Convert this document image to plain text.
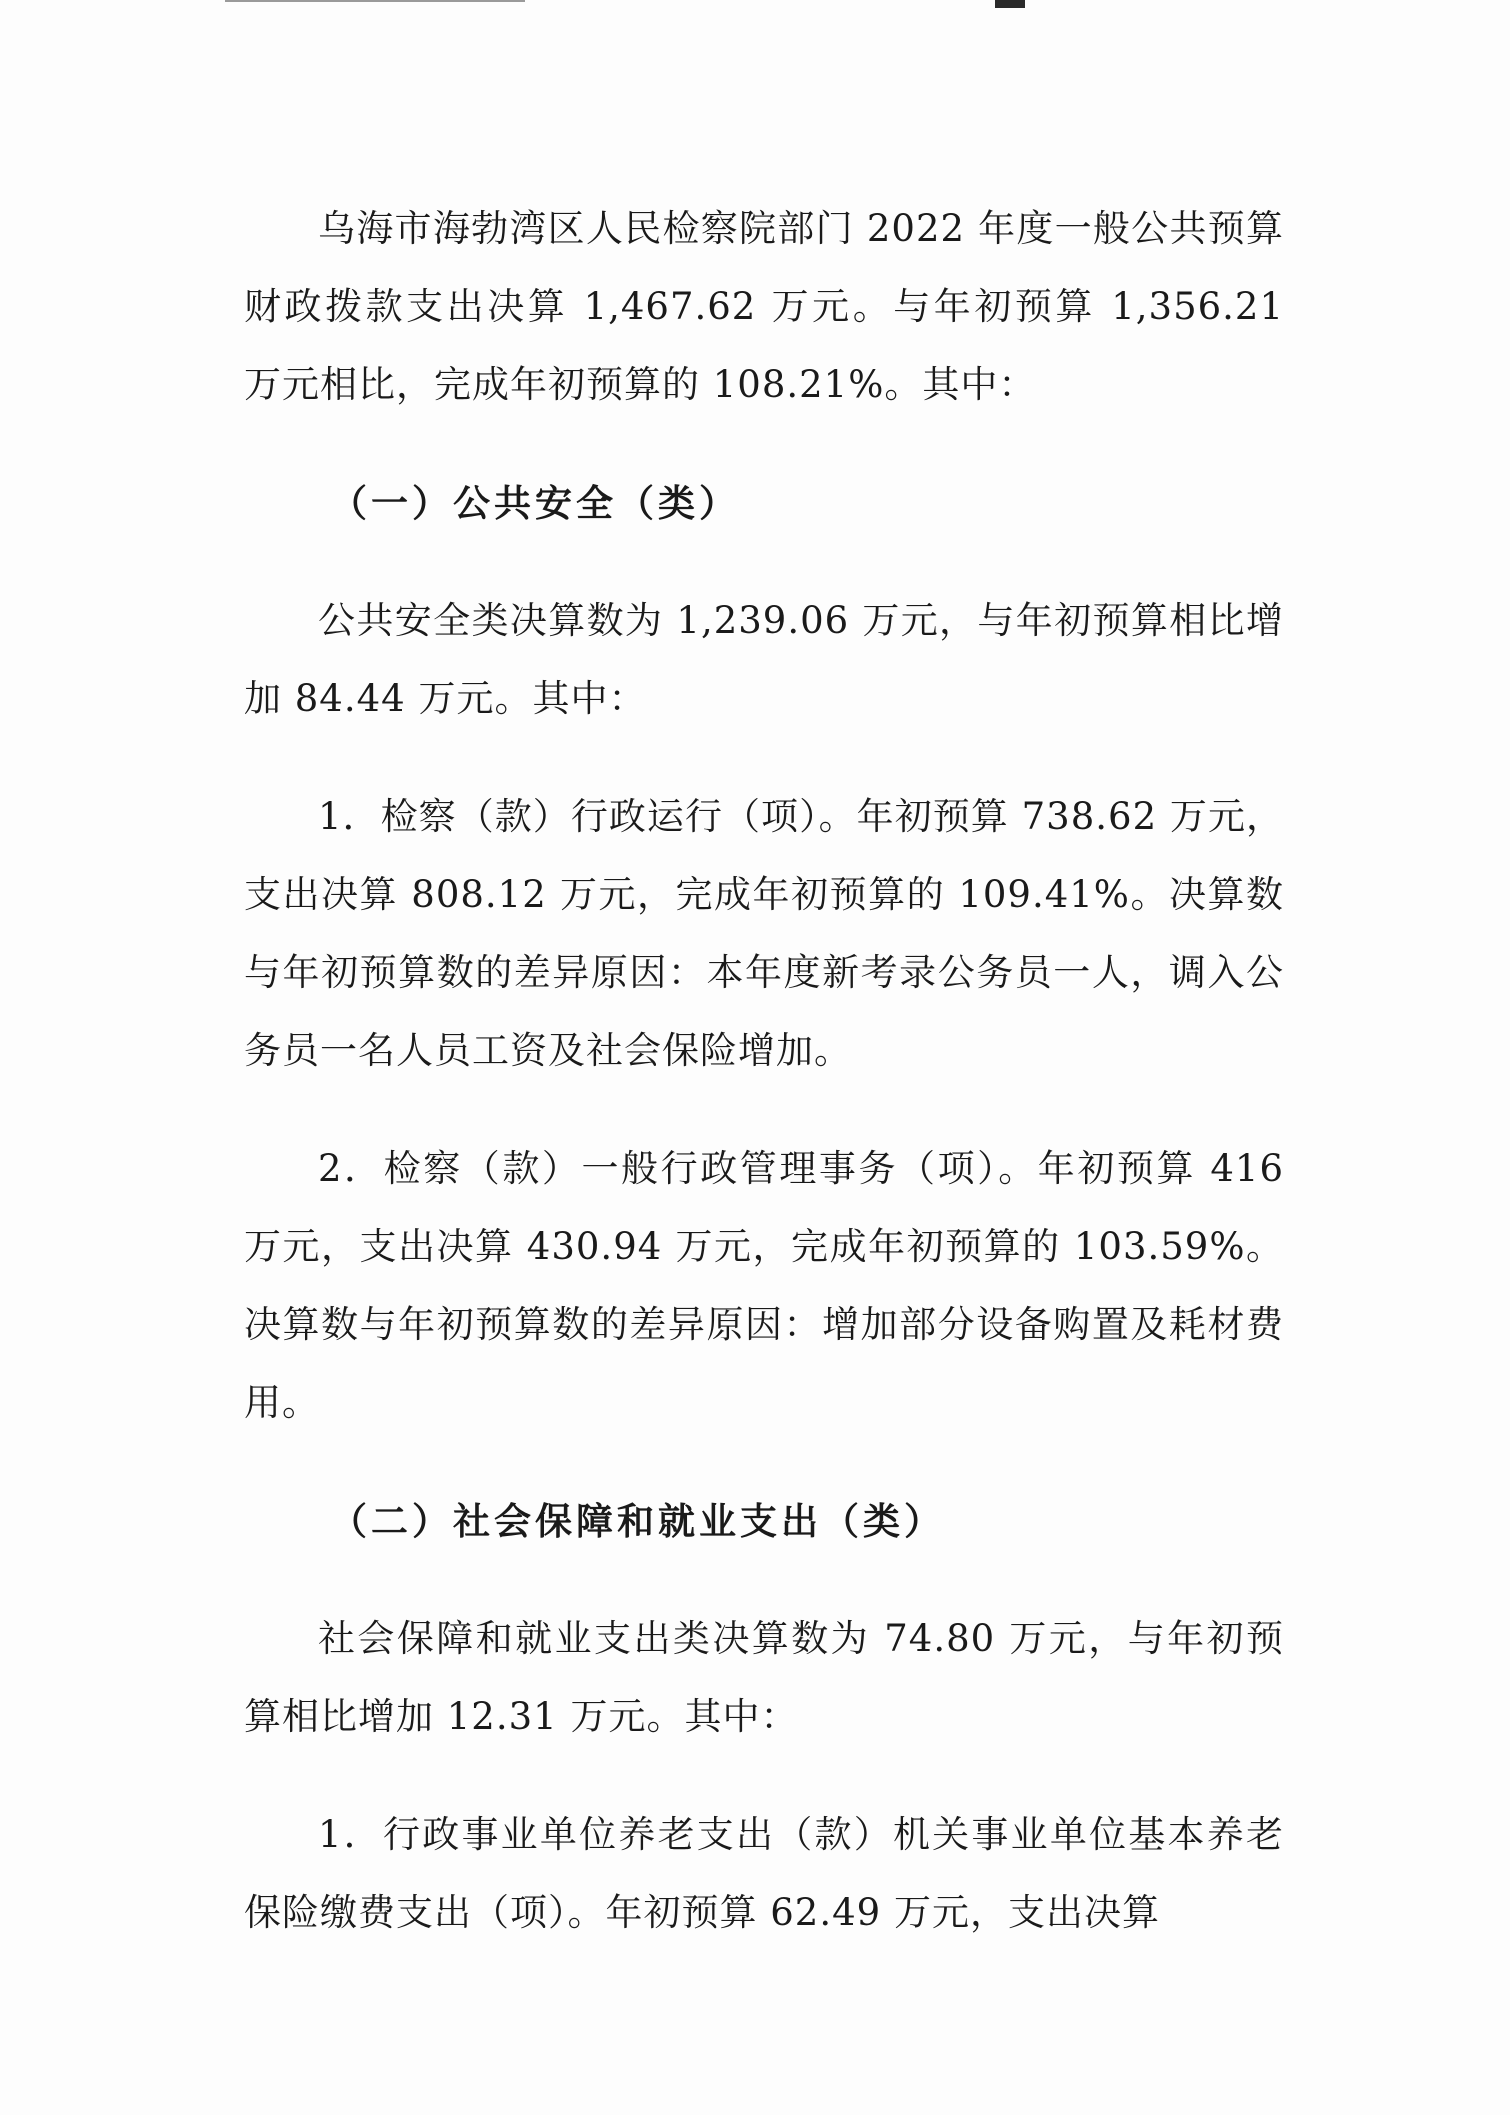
乌海市海勃湾区人民检察院部门 2022 年度一般公共预算财政拨款支出决算 1,467.62 万元。与年初预算 1,356.21 万元相比，完成年初预算的 108.21%。其中：

（一）公共安全（类）

公共安全类决算数为 1,239.06 万元，与年初预算相比增加 84.44 万元。其中：

1．检察（款）行政运行（项）。年初预算 738.62 万元，支出决算 808.12 万元，完成年初预算的 109.41%。决算数与年初预算数的差异原因：本年度新考录公务员一人，调入公务员一名人员工资及社会保险增加。

2．检察（款）一般行政管理事务（项）。年初预算 416 万元，支出决算 430.94 万元，完成年初预算的 103.59%。决算数与年初预算数的差异原因：增加部分设备购置及耗材费用。

（二）社会保障和就业支出（类）

社会保障和就业支出类决算数为 74.80 万元，与年初预算相比增加 12.31 万元。其中：

1．行政事业单位养老支出（款）机关事业单位基本养老保险缴费支出（项）。年初预算 62.49 万元，支出决算
